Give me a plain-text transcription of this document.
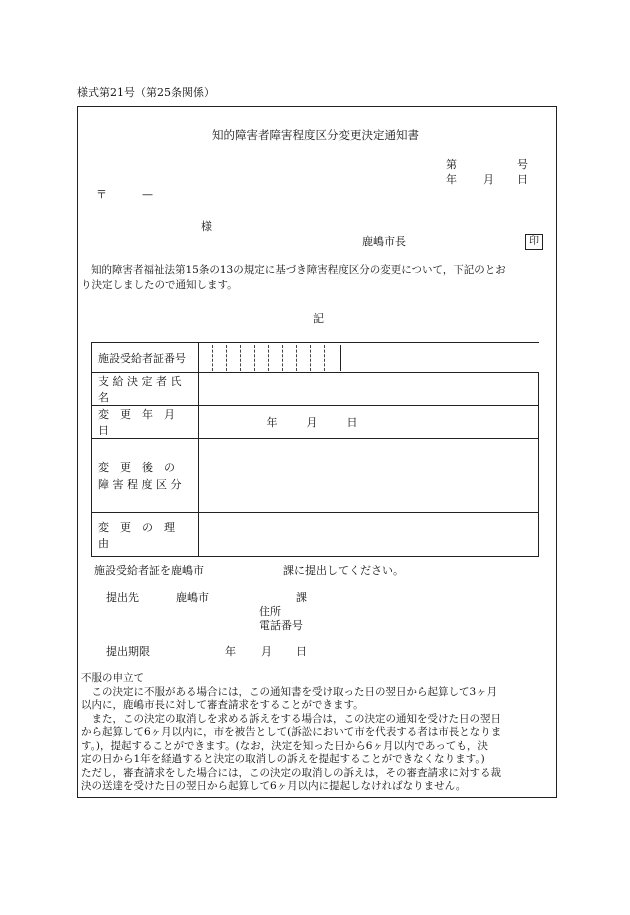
様式第21号（第25条関係）
知的障害者障害程度区分変更決定通知書
第	号
年 月 日
〒	—
様
鹿嶋市長	印
知的障害者福祉法第15条の13の規定に基づき障害程度区分の変更について，下記のとお
り決定しましたので通知します。
記
施設受給者証番号	

支 給 決 定 者 氏 名	
変　更　年　月　日	年 月 日

変　更　後　の
障 害 程 度 区 分	

変　更　の　理　由	
施設受給者証を鹿嶋市	課に提出してください。
提出先	鹿嶋市	課
住所
電話番号
提出期限	年 月 日
不服の申立て
　この決定に不服がある場合には，この通知書を受け取った日の翌日から起算して3ヶ月
以内に，鹿嶋市長に対して審査請求をすることができます。
　また，この決定の取消しを求める訴えをする場合は，この決定の通知を受けた日の翌日
から起算して6ヶ月以内に，市を被告として(訴訟において市を代表する者は市長となりま
す。)，提起することができます。(なお，決定を知った日から6ヶ月以内であっても，決
定の日から1年を経過すると決定の取消しの訴えを提起することができなくなります。)
ただし，審査請求をした場合には，この決定の取消しの訴えは，その審査請求に対する裁
決の送達を受けた日の翌日から起算して6ヶ月以内に提起しなければなりません。
